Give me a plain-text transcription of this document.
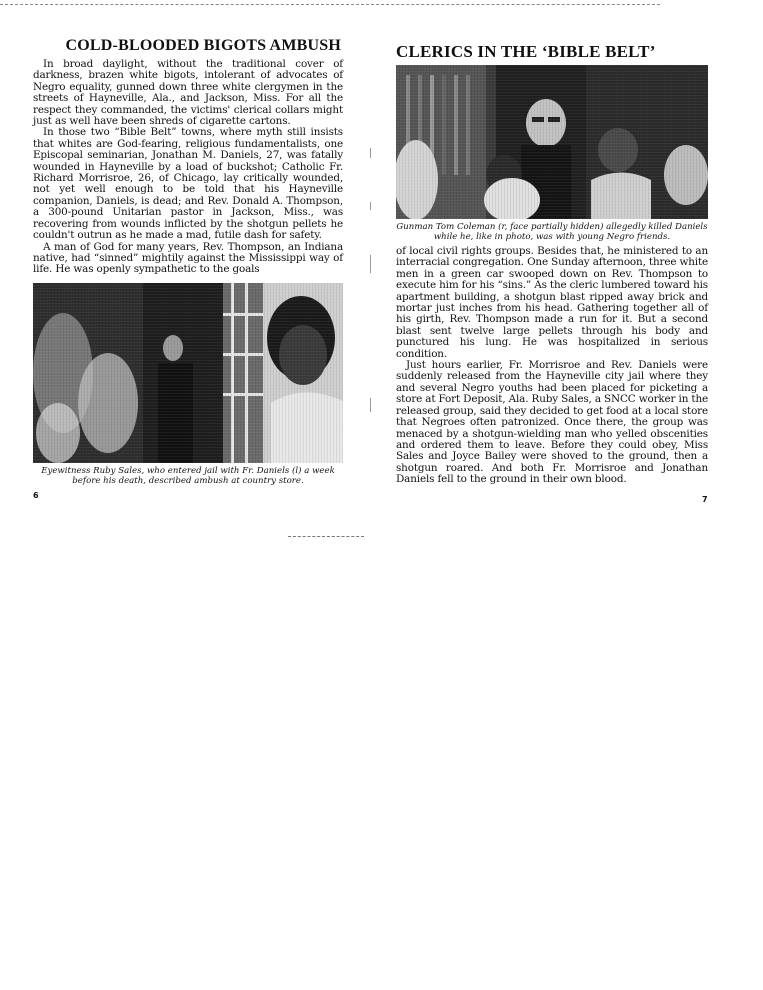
COLD-BLOODED BIGOTS AMBUSH

In broad daylight, without the traditional cover of darkness, brazen white bigots, intolerant of advocates of Negro equality, gunned down three white clergymen in the streets of Hayneville, Ala., and Jackson, Miss. For all the respect they commanded, the victims' clerical collars might just as well have been shreds of cigarette cartons.

In those two “Bible Belt” towns, where myth still insists that whites are God-fearing, religious fundamentalists, one Episcopal seminarian, Jonathan M. Daniels, 27, was fatally wounded in Hayneville by a load of buckshot; Catholic Fr. Richard Morrisroe, 26, of Chicago, lay critically wounded, not yet well enough to be told that his Hayneville companion, Daniels, is dead; and Rev. Donald A. Thompson, a 300-pound Unitarian pastor in Jackson, Miss., was recovering from wounds inflicted by the shotgun pellets he couldn't outrun as he made a mad, futile dash for safety.

A man of God for many years, Rev. Thompson, an Indiana native, had “sinned” mightily against the Mississippi way of life. He was openly sympathetic to the goals

Eyewitness Ruby Sales, who entered jail with Fr. Daniels (l) a week before his death, described ambush at country store.
6
CLERICS IN THE ‘BIBLE BELT’
Gunman Tom Coleman (r, face partially hidden) allegedly killed Daniels while he, like in photo, was with young Negro friends.

of local civil rights groups. Besides that, he ministered to an interracial congregation. One Sunday afternoon, three white men in a green car swooped down on Rev. Thompson to execute him for his “sins.” As the cleric lumbered toward his apartment building, a shotgun blast ripped away brick and mortar just inches from his head. Gathering together all of his girth, Rev. Thompson made a run for it. But a second blast sent twelve large pellets through his body and punctured his lung. He was hospitalized in serious condition.

Just hours earlier, Fr. Morrisroe and Rev. Daniels were suddenly released from the Hayneville city jail where they and several Negro youths had been placed for picketing a store at Fort Deposit, Ala. Ruby Sales, a SNCC worker in the released group, said they decided to get food at a local store that Negroes often patronized. Once there, the group was menaced by a shotgun-wielding man who yelled obscenities and ordered them to leave. Before they could obey, Miss Sales and Joyce Bailey were shoved to the ground, then a shotgun roared. And both Fr. Morrisroe and Jonathan Daniels fell to the ground in their own blood.

7
